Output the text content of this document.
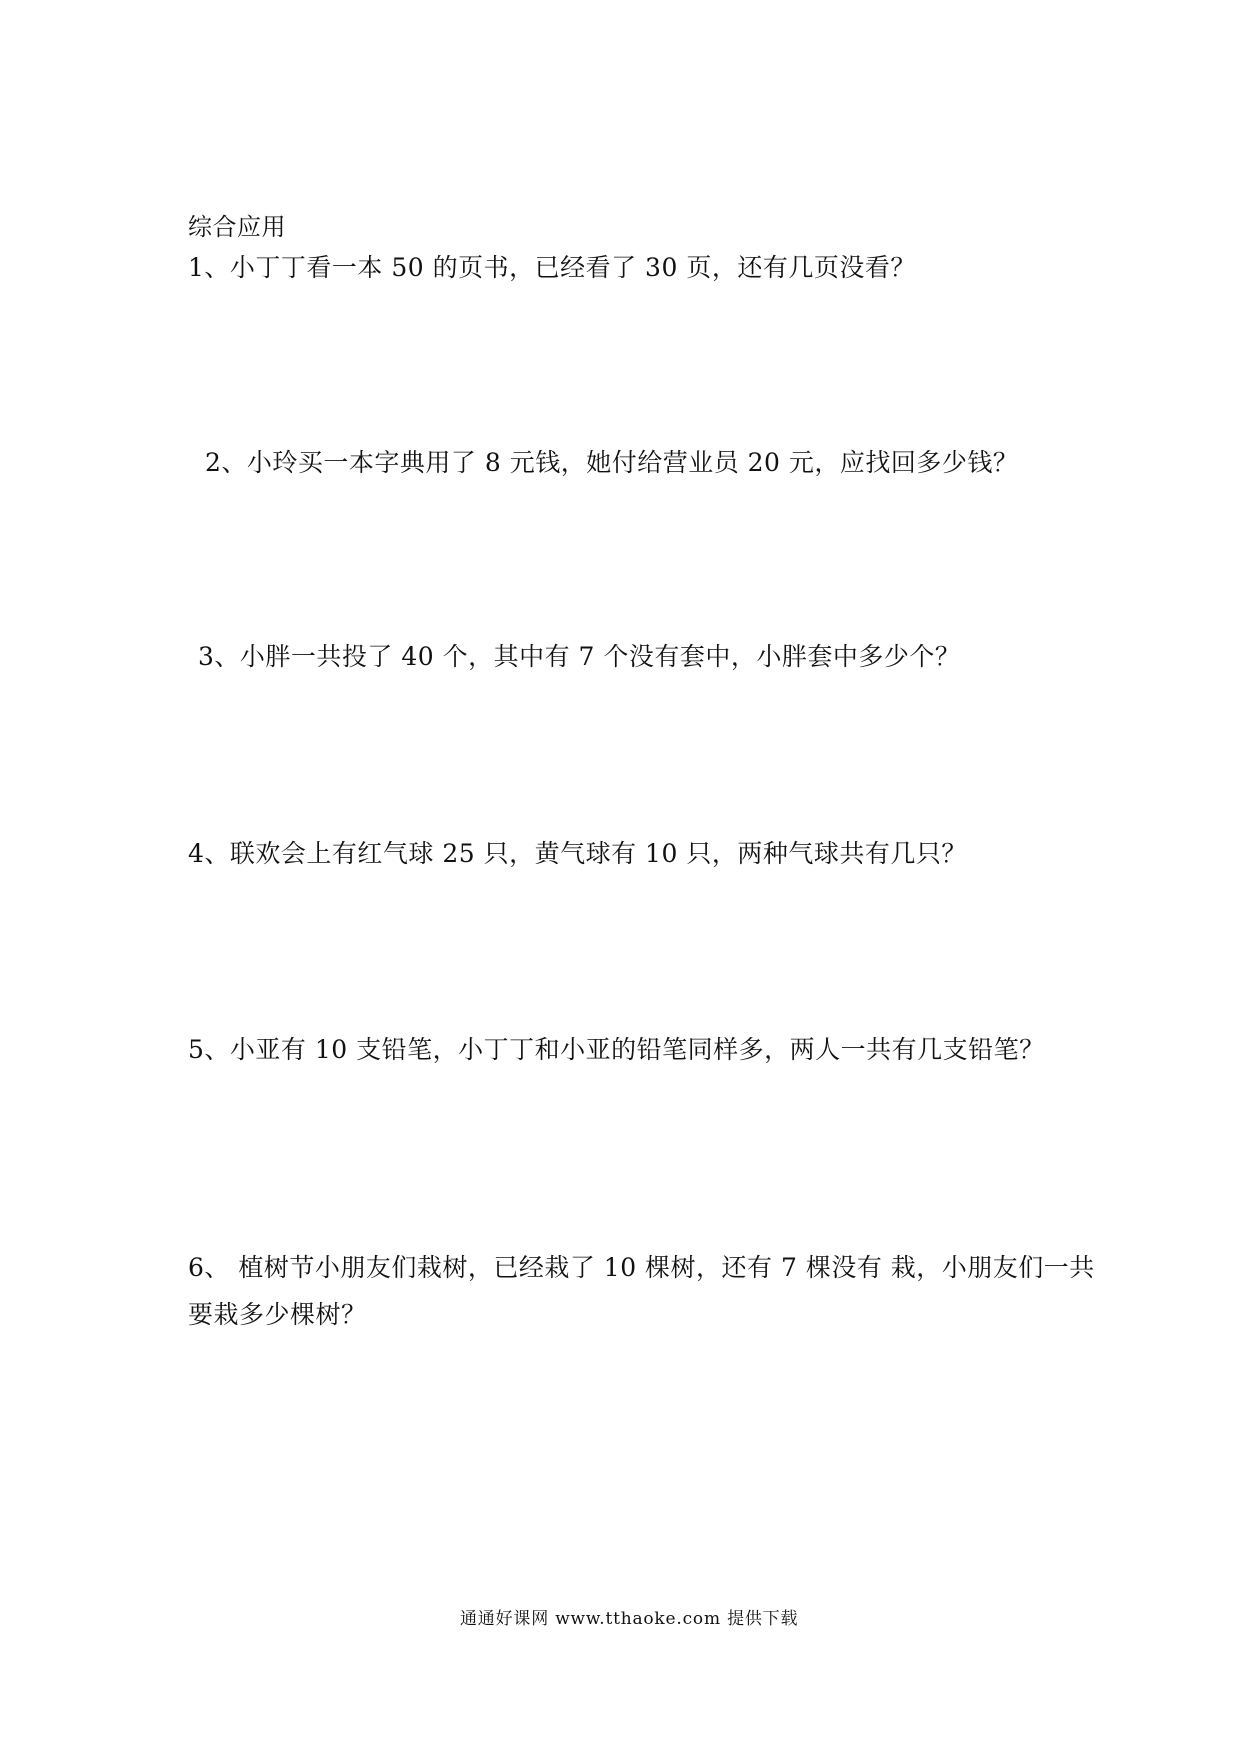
综合应用

1、小丁丁看一本 50 的页书，已经看了 30 页，还有几页没看？

2、小玲买一本字典用了 8 元钱，她付给营业员 20 元，应找回多少钱？

3、小胖一共投了 40 个，其中有 7 个没有套中，小胖套中多少个？

4、联欢会上有红气球 25 只，黄气球有 10 只，两种气球共有几只？

5、小亚有 10 支铅笔，小丁丁和小亚的铅笔同样多，两人一共有几支铅笔？

6、 植树节小朋友们栽树，已经栽了 10 棵树，还有 7 棵没有 栽，小朋友们一共

要栽多少棵树？

通通好课网 www.tthaoke.com 提供下载
